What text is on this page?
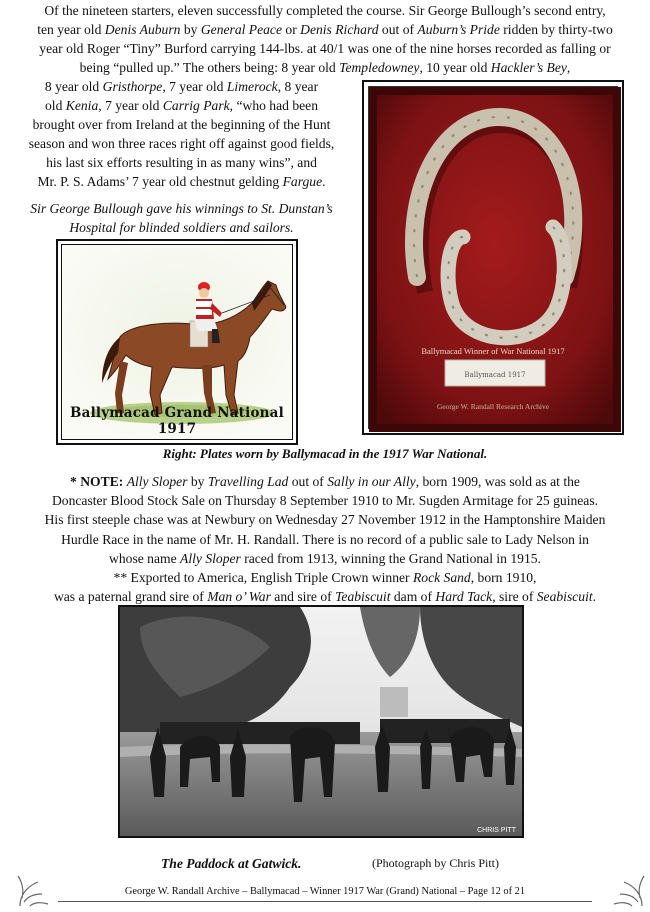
Of the nineteen starters, eleven successfully completed the course. Sir George Bullough’s second entry,
ten year old Denis Auburn by General Peace or Denis Richard out of Auburn’s Pride ridden by thirty-two
year old Roger “Tiny” Burford carrying 144-lbs. at 40/1 was one of the nine horses recorded as falling or
being “pulled up.” The others being: 8 year old Templedowney, 10 year old Hackler’s Bey,
8 year old Gristhorpe, 7 year old Limerock, 8 year
old Kenia, 7 year old Carrig Park, “who had been
brought over from Ireland at the beginning of the Hunt
season and won three races right off against good fields,
his last six efforts resulting in as many wins”, and
Mr. P. S. Adams’ 7 year old chestnut gelding Fargue.
Sir George Bullough gave his winnings to St. Dunstan’s
Hospital for blinded soldiers and sailors.
Ballymacad Grand National 1917
Ballymacad 1917
Ballymacad Winner of War National 1917
George W. Randall Research Archive
Right: Plates worn by Ballymacad in the 1917 War National.
* NOTE: Ally Sloper by Travelling Lad out of Sally in our Ally, born 1909, was sold as at the
Doncaster Blood Stock Sale on Thursday 8 September 1910 to Mr. Sugden Armitage for 25 guineas.
His first steeple chase was at Newbury on Wednesday 27 November 1912 in the Hamptonshire Maiden
Hurdle Race in the name of Mr. H. Randall. There is no record of a public sale to Lady Nelson in
whose name Ally Sloper raced from 1913, winning the Grand National in 1915.
** Exported to America, English Triple Crown winner Rock Sand, born 1910,
was a paternal grand sire of Man o’ War and sire of Teabiscuit dam of Hard Tack, sire of Seabiscuit.
CHRIS PITT
The Paddock at Gatwick.	(Photograph by Chris Pitt)
George W. Randall Archive – Ballymacad – Winner 1917 War (Grand) National – Page 12 of 21
